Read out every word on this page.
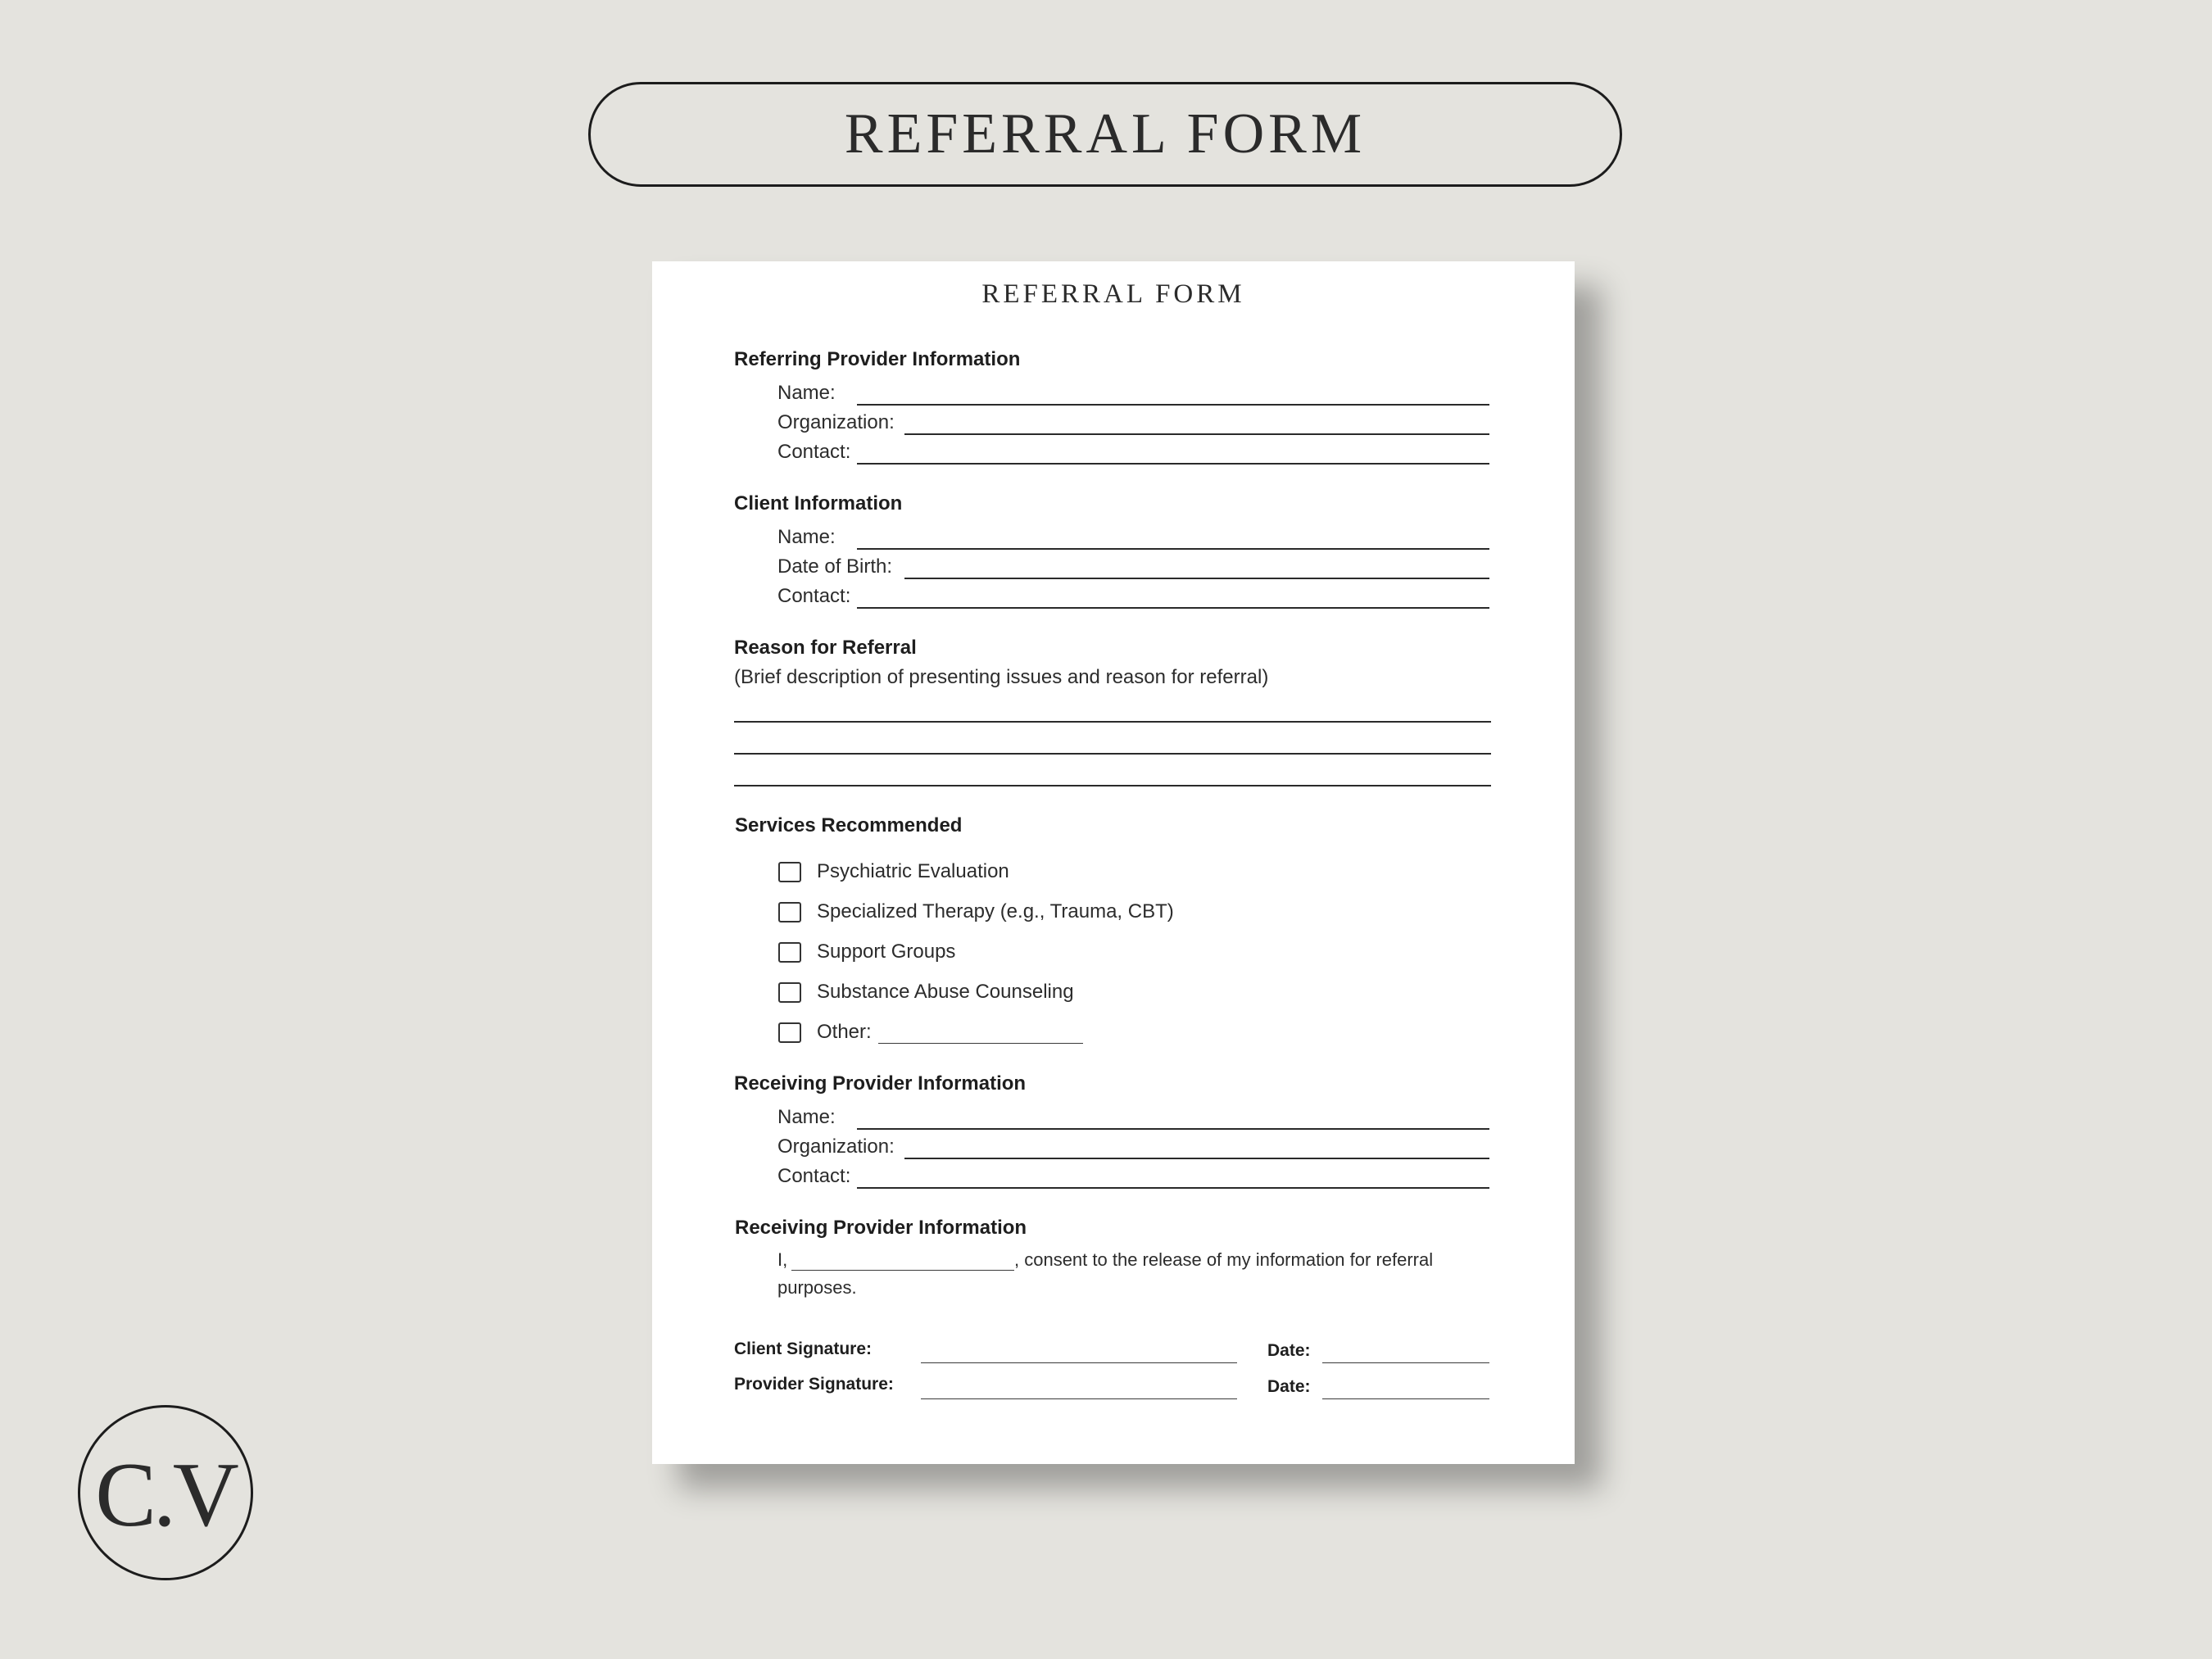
REFERRAL FORM
REFERRAL FORM
Referring Provider Information
Name:
Organization:
Contact:
Client Information
Name:
Date of Birth:
Contact:
Reason for Referral
(Brief description of presenting issues and reason for referral)
Services Recommended
Psychiatric Evaluation
Specialized Therapy (e.g., Trauma, CBT)
Support Groups
Substance Abuse Counseling
Other:
Receiving Provider Information
Name:
Organization:
Contact:
Receiving Provider Information
I,	, consent to the release of my information for referral
purposes.
Client Signature:	Date:
Provider Signature:	Date:
C.V
